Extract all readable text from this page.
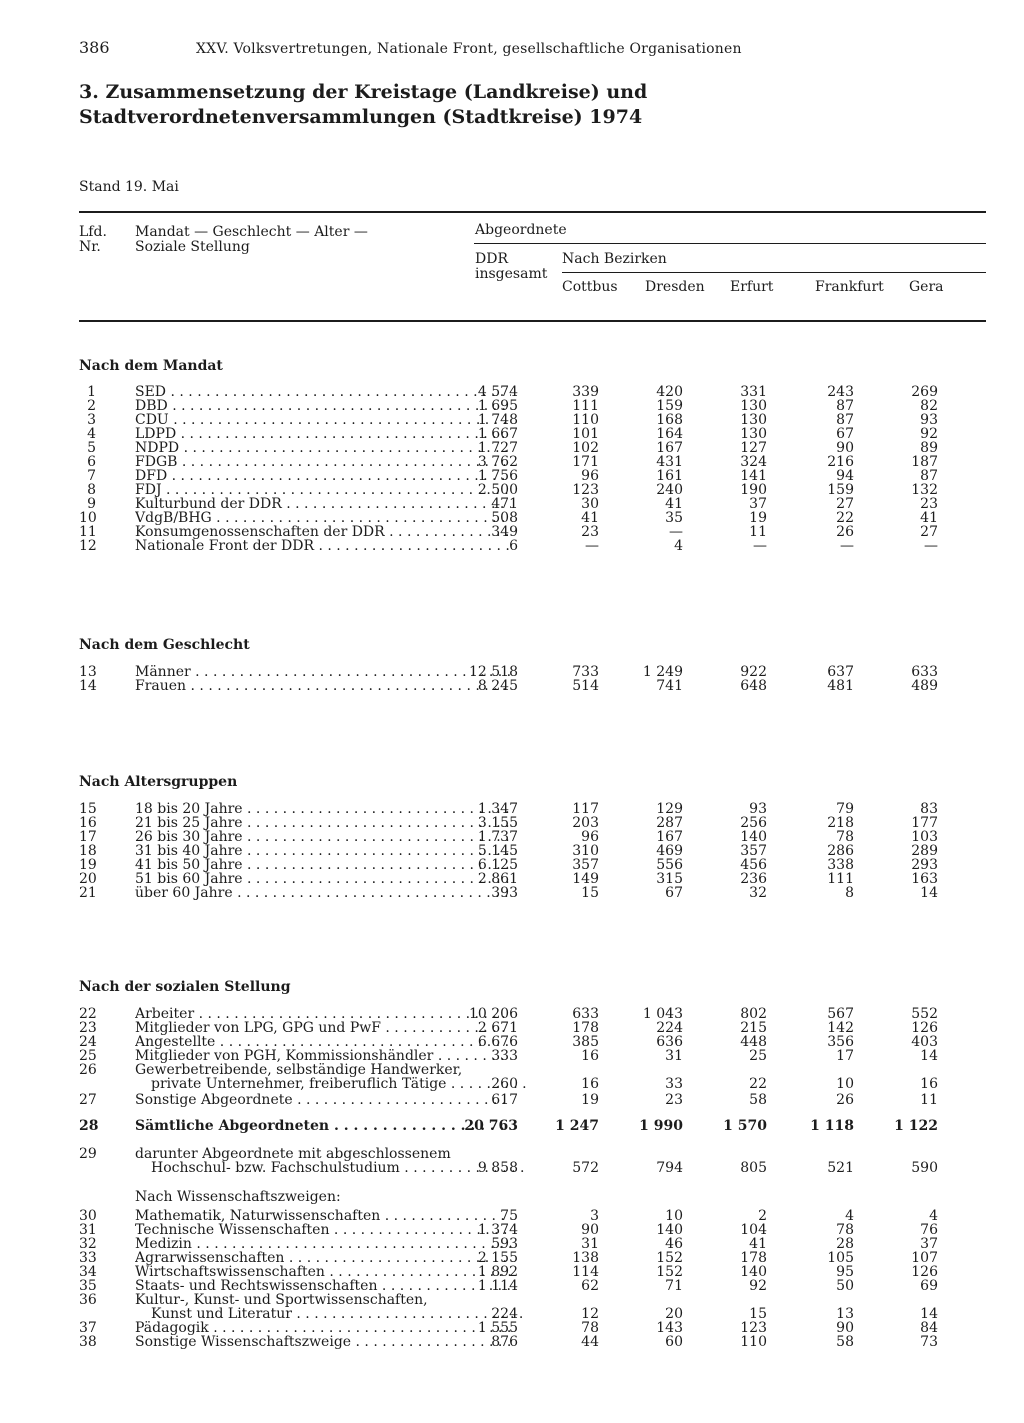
386	XXV. Volksvertretungen, Nationale Front, gesellschaftliche Organisationen
3. Zusammensetzung der Kreistage (Landkreise) und
Stadtverordnetenversammlungen (Stadtkreise) 1974
Stand 19. Mai
Lfd.
Nr.
Mandat — Geschlecht — Alter —
Soziale Stellung
Abgeordnete
DDR
insgesamt
Nach Bezirken
Cottbus Dresden Erfurt	Frankfurt Gera
Nach dem Mandat
1	SED . . .	4 574	339	420	331	243	269
2	DBD . . .	1 695	111	159	130	87	82
3	CDU . . .	1 748	110	168	130	87	93
4	LDPD . . .	1 667	101	164	130	67	92
5	NDPD . . .	1 727	102	167	127	90	89
6	FDGB . . .	3 762	171	431	324	216	187
7	DFD . . .	1 756	96	161	141	94	87
8	FDJ . . .	2 500	123	240	190	159	132
9	Kulturbund der DDR . . .	471	30	41	37	27	23
10	VdgB/BHG . . .	508	41	35	19	22	41
11	Konsumgenossenschaften der DDR . . .	349	23	—	11	26	27
12	Nationale Front der DDR . . .	6	—	4	—	—	—
Nach dem Geschlecht
13	Männer . . .	12 518	733	1 249	922	637	633
14	Frauen . . .	8 245	514	741	648	481	489
Nach Altersgruppen
15	18 bis 20 Jahre . . .	1 347	117	129	93	79	83
16	21 bis 25 Jahre . . .	3 155	203	287	256	218	177
17	26 bis 30 Jahre . . .	1 737	96	167	140	78	103
18	31 bis 40 Jahre . . .	5 145	310	469	357	286	289
19	41 bis 50 Jahre . . .	6 125	357	556	456	338	293
20	51 bis 60 Jahre . . .	2 861	149	315	236	111	163
21	über 60 Jahre . . .	393	15	67	32	8	14
Nach der sozialen Stellung
22	Arbeiter . . .	10 206	633	1 043	802	567	552
23	Mitglieder von LPG, GPG und PwF . . .	2 671	178	224	215	142	126
24	Angestellte . . .	6 676	385	636	448	356	403
25	Mitglieder von PGH, Kommissionshändler . . .	333	16	31	25	17	14
26	Gewerbetreibende, selbständige Handwerker,
private Unternehmer, freiberuflich Tätige . . .	260	16	33	22	10	16
27	Sonstige Abgeordnete . . .	617	19	23	58	26	11
28	Sämtliche Abgeordneten . . .	20 763	1 247	1 990	1 570	1 118	1 122
29	darunter Abgeordnete mit abgeschlossenem
Hochschul- bzw. Fachschulstudium . . .	9 858	572	794	805	521	590
Nach Wissenschaftszweigen:
30	Mathematik, Naturwissenschaften . . .	75	3	10	2	4	4
31	Technische Wissenschaften . . .	1 374	90	140	104	78	76
32	Medizin . . .	593	31	46	41	28	37
33	Agrarwissenschaften . . .	2 155	138	152	178	105	107
34	Wirtschaftswissenschaften . . .	1 892	114	152	140	95	126
35	Staats- und Rechtswissenschaften . . .	1 114	62	71	92	50	69
36	Kultur-, Kunst- und Sportwissenschaften,
Kunst und Literatur . . .	224	12	20	15	13	14
37	Pädagogik . . .	1 555	78	143	123	90	84
38	Sonstige Wissenschaftszweige . . .	876	44	60	110	58	73
